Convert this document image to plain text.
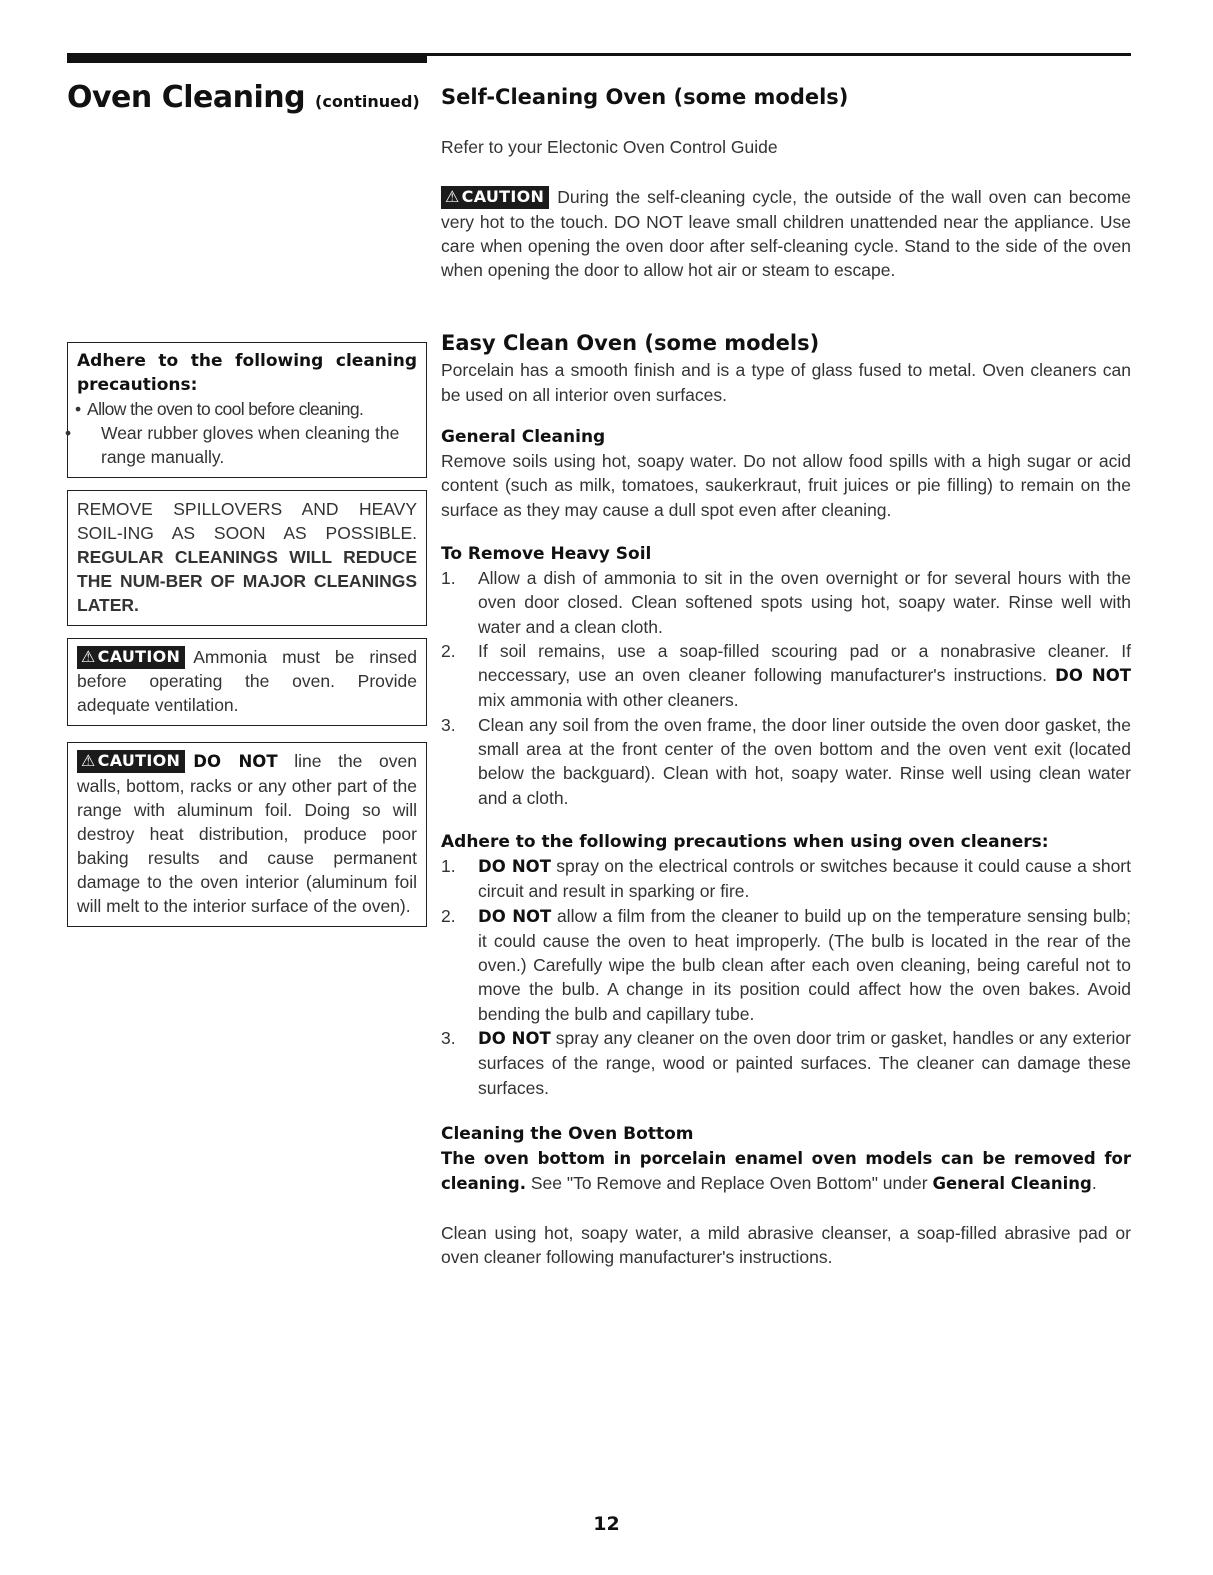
Oven Cleaning (continued)
Adhere to the following cleaning precautions:
• Allow the oven to cool before cleaning.
• Wear rubber gloves when cleaning the range manually.
REMOVE SPILLOVERS AND HEAVY SOIL-ING AS SOON AS POSSIBLE. REGULAR CLEANINGS WILL REDUCE THE NUM-BER OF MAJOR CLEANINGS LATER.
⚠ CAUTION Ammonia must be rinsed before operating the oven. Provide adequate ventilation.
⚠ CAUTION DO NOT line the oven walls, bottom, racks or any other part of the range with aluminum foil. Doing so will destroy heat distribution, produce poor baking results and cause permanent damage to the oven interior (aluminum foil will melt to the interior surface of the oven).
Self-Cleaning Oven (some models)

Refer to your Electonic Oven Control Guide

⚠ CAUTION During the self-cleaning cycle, the outside of the wall oven can become very hot to the touch. DO NOT leave small children unattended near the appliance. Use care when opening the oven door after self-cleaning cycle. Stand to the side of the oven when opening the door to allow hot air or steam to escape.

Easy Clean Oven (some models)

Porcelain has a smooth finish and is a type of glass fused to metal. Oven cleaners can be used on all interior oven surfaces.

General Cleaning

Remove soils using hot, soapy water. Do not allow food spills with a high sugar or acid content (such as milk, tomatoes, saukerkraut, fruit juices or pie filling) to remain on the surface as they may cause a dull spot even after cleaning.

To Remove Heavy Soil
1. Allow a dish of ammonia to sit in the oven overnight or for several hours with the oven door closed. Clean softened spots using hot, soapy water. Rinse well with water and a clean cloth.
2. If soil remains, use a soap-filled scouring pad or a nonabrasive cleaner. If neccessary, use an oven cleaner following manufacturer's instructions. DO NOT mix ammonia with other cleaners.
3. Clean any soil from the oven frame, the door liner outside the oven door gasket, the small area at the front center of the oven bottom and the oven vent exit (located below the backguard). Clean with hot, soapy water. Rinse well using clean water and a cloth.
Adhere to the following precautions when using oven cleaners:
1. DO NOT spray on the electrical controls or switches because it could cause a short circuit and result in sparking or fire.
2. DO NOT allow a film from the cleaner to build up on the temperature sensing bulb; it could cause the oven to heat improperly. (The bulb is located in the rear of the oven.) Carefully wipe the bulb clean after each oven cleaning, being careful not to move the bulb. A change in its position could affect how the oven bakes. Avoid bending the bulb and capillary tube.
3. DO NOT spray any cleaner on the oven door trim or gasket, handles or any exterior surfaces of the range, wood or painted surfaces. The cleaner can damage these surfaces.
Cleaning the Oven Bottom

The oven bottom in porcelain enamel oven models can be removed for cleaning. See "To Remove and Replace Oven Bottom" under General Cleaning.

Clean using hot, soapy water, a mild abrasive cleanser, a soap-filled abrasive pad or oven cleaner following manufacturer's instructions.

12
